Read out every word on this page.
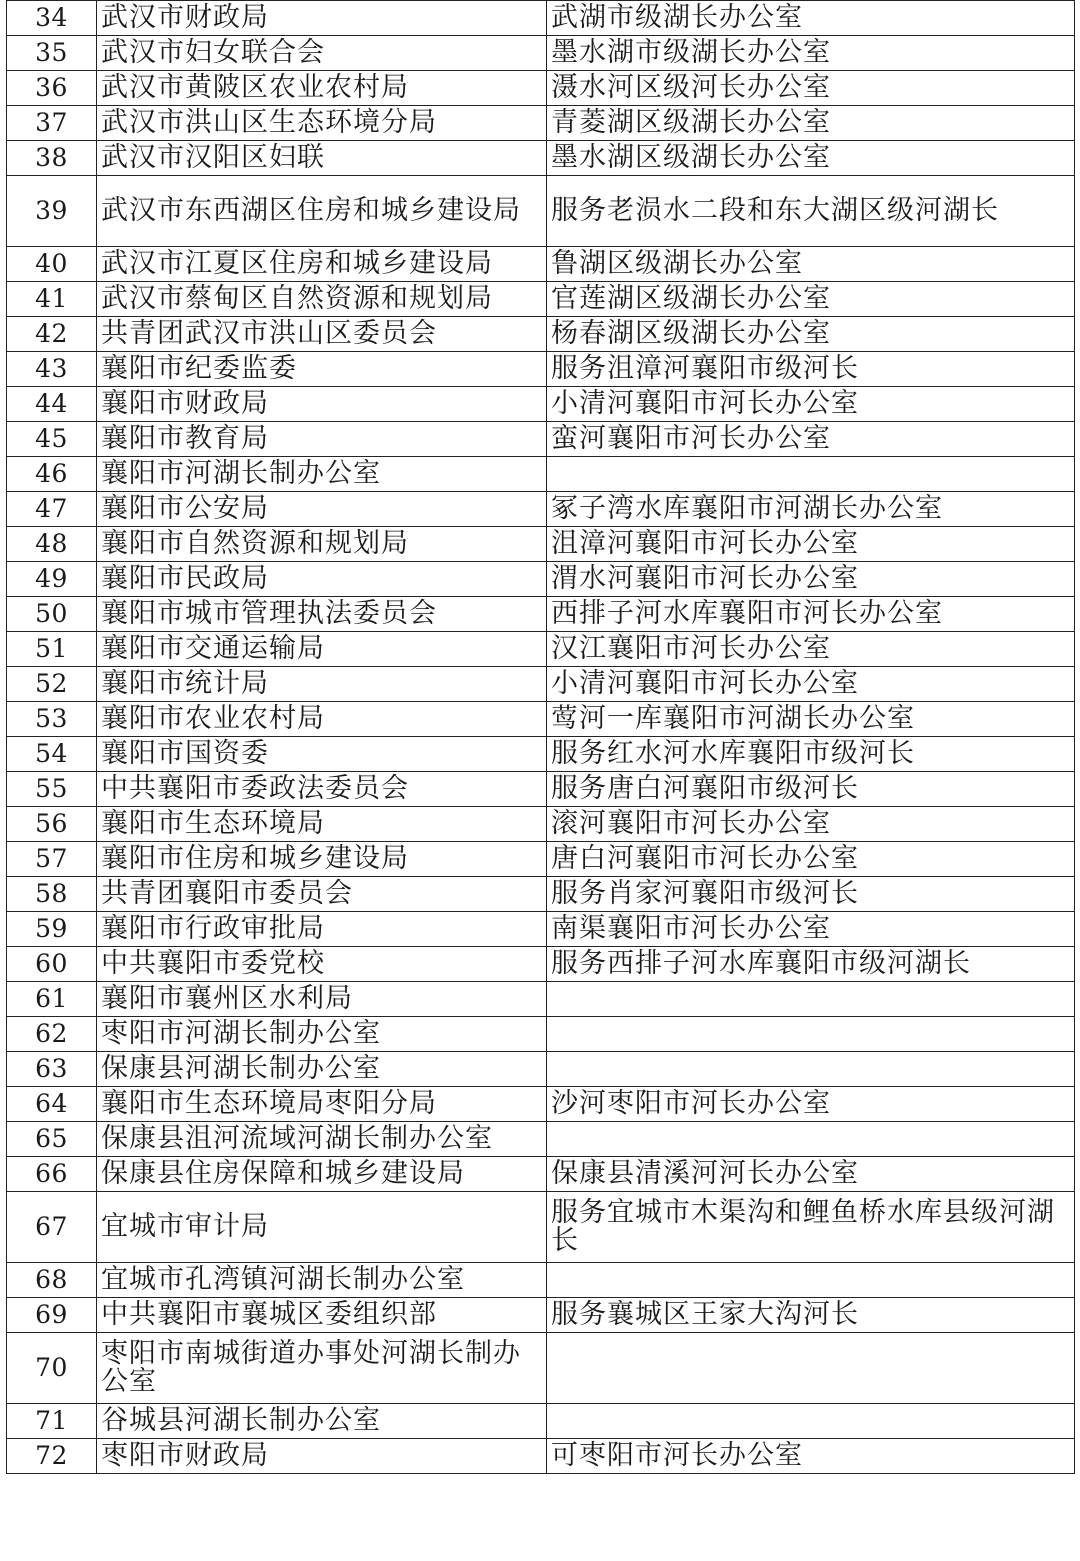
34	武汉市财政局	武湖市级湖长办公室
35	武汉市妇女联合会	墨水湖市级湖长办公室
36	武汉市黄陂区农业农村局	滠水河区级河长办公室
37	武汉市洪山区生态环境分局	青菱湖区级湖长办公室
38	武汉市汉阳区妇联	墨水湖区级湖长办公室
39	武汉市东西湖区住房和城乡建设局	服务老涢水二段和东大湖区级河湖长
40	武汉市江夏区住房和城乡建设局	鲁湖区级湖长办公室
41	武汉市蔡甸区自然资源和规划局	官莲湖区级湖长办公室
42	共青团武汉市洪山区委员会	杨春湖区级湖长办公室
43	襄阳市纪委监委	服务沮漳河襄阳市级河长
44	襄阳市财政局	小清河襄阳市河长办公室
45	襄阳市教育局	蛮河襄阳市河长办公室
46	襄阳市河湖长制办公室	
47	襄阳市公安局	冢子湾水库襄阳市河湖长办公室
48	襄阳市自然资源和规划局	沮漳河襄阳市河长办公室
49	襄阳市民政局	渭水河襄阳市河长办公室
50	襄阳市城市管理执法委员会	西排子河水库襄阳市河长办公室
51	襄阳市交通运输局	汉江襄阳市河长办公室
52	襄阳市统计局	小清河襄阳市河长办公室
53	襄阳市农业农村局	莺河一库襄阳市河湖长办公室
54	襄阳市国资委	服务红水河水库襄阳市级河长
55	中共襄阳市委政法委员会	服务唐白河襄阳市级河长
56	襄阳市生态环境局	滚河襄阳市河长办公室
57	襄阳市住房和城乡建设局	唐白河襄阳市河长办公室
58	共青团襄阳市委员会	服务肖家河襄阳市级河长
59	襄阳市行政审批局	南渠襄阳市河长办公室
60	中共襄阳市委党校	服务西排子河水库襄阳市级河湖长
61	襄阳市襄州区水利局	
62	枣阳市河湖长制办公室	
63	保康县河湖长制办公室	
64	襄阳市生态环境局枣阳分局	沙河枣阳市河长办公室
65	保康县沮河流域河湖长制办公室	
66	保康县住房保障和城乡建设局	保康县清溪河河长办公室
67	宜城市审计局	服务宜城市木渠沟和鲤鱼桥水库县级河湖长
68	宜城市孔湾镇河湖长制办公室	
69	中共襄阳市襄城区委组织部	服务襄城区王家大沟河长
70	枣阳市南城街道办事处河湖长制办公室	
71	谷城县河湖长制办公室	
72	枣阳市财政局	可枣阳市河长办公室
